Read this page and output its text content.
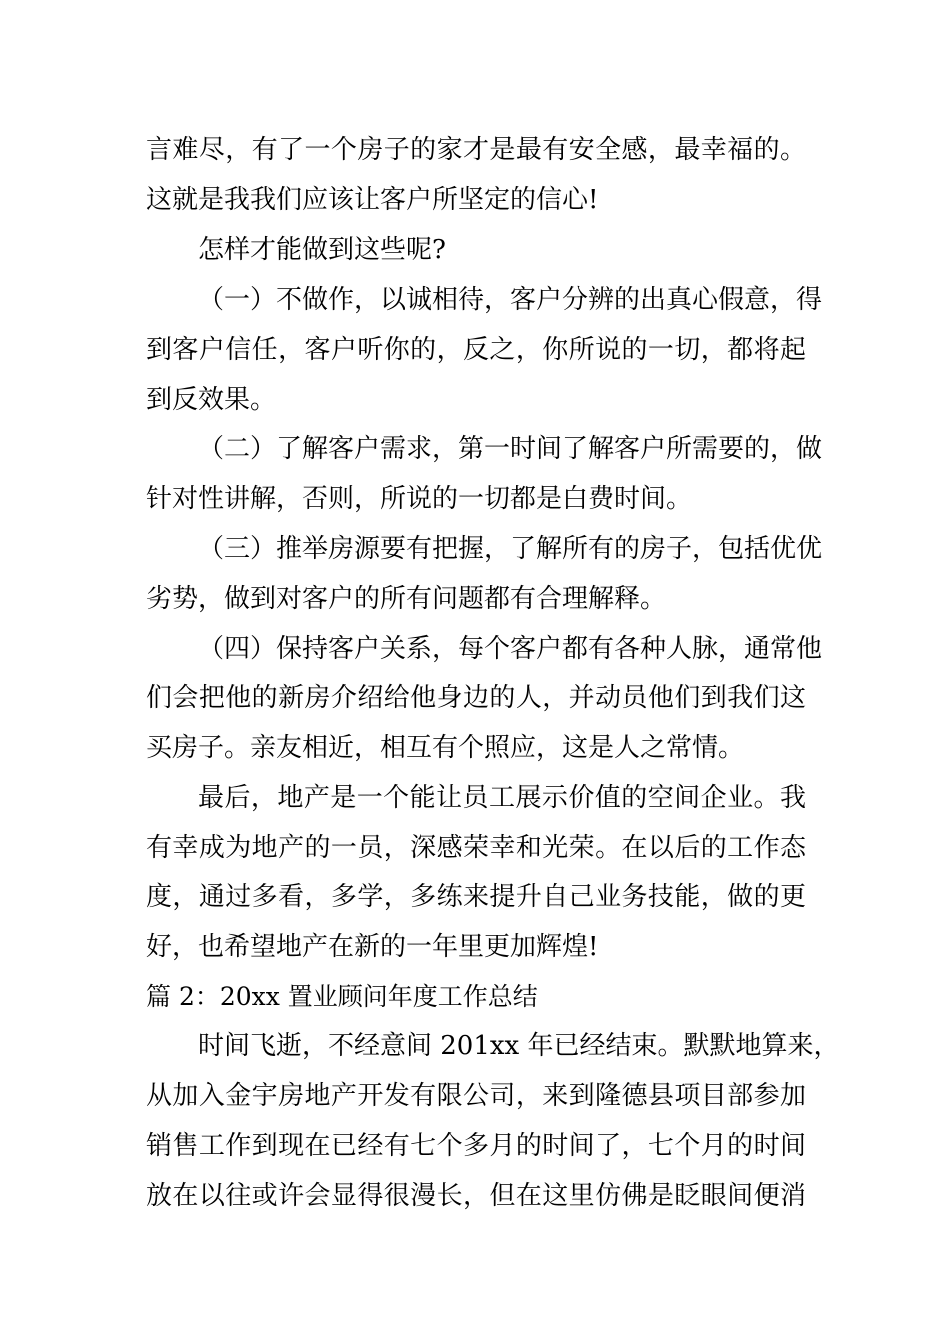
言难尽，有了一个房子的家才是最有安全感，最幸福的。
这就是我我们应该让客户所坚定的信心!
怎样才能做到这些呢?
（一）不做作，以诚相待，客户分辨的出真心假意，得
到客户信任，客户听你的，反之，你所说的一切，都将起
到反效果。
（二）了解客户需求，第一时间了解客户所需要的，做
针对性讲解，否则，所说的一切都是白费时间。
（三）推举房源要有把握，了解所有的房子，包括优优
劣势，做到对客户的所有问题都有合理解释。
（四）保持客户关系，每个客户都有各种人脉，通常他
们会把他的新房介绍给他身边的人，并动员他们到我们这
买房子。亲友相近，相互有个照应，这是人之常情。
最后，地产是一个能让员工展示价值的空间企业。我
有幸成为地产的一员，深感荣幸和光荣。在以后的工作态
度，通过多看，多学，多练来提升自己业务技能，做的更
好，也希望地产在新的一年里更加辉煌!
篇 2：20xx 置业顾问年度工作总结
时间飞逝，不经意间 201xx 年已经结束。默默地算来，
从加入金宇房地产开发有限公司，来到隆德县项目部参加
销售工作到现在已经有七个多月的时间了，七个月的时间
放在以往或许会显得很漫长，但在这里仿佛是眨眼间便消
